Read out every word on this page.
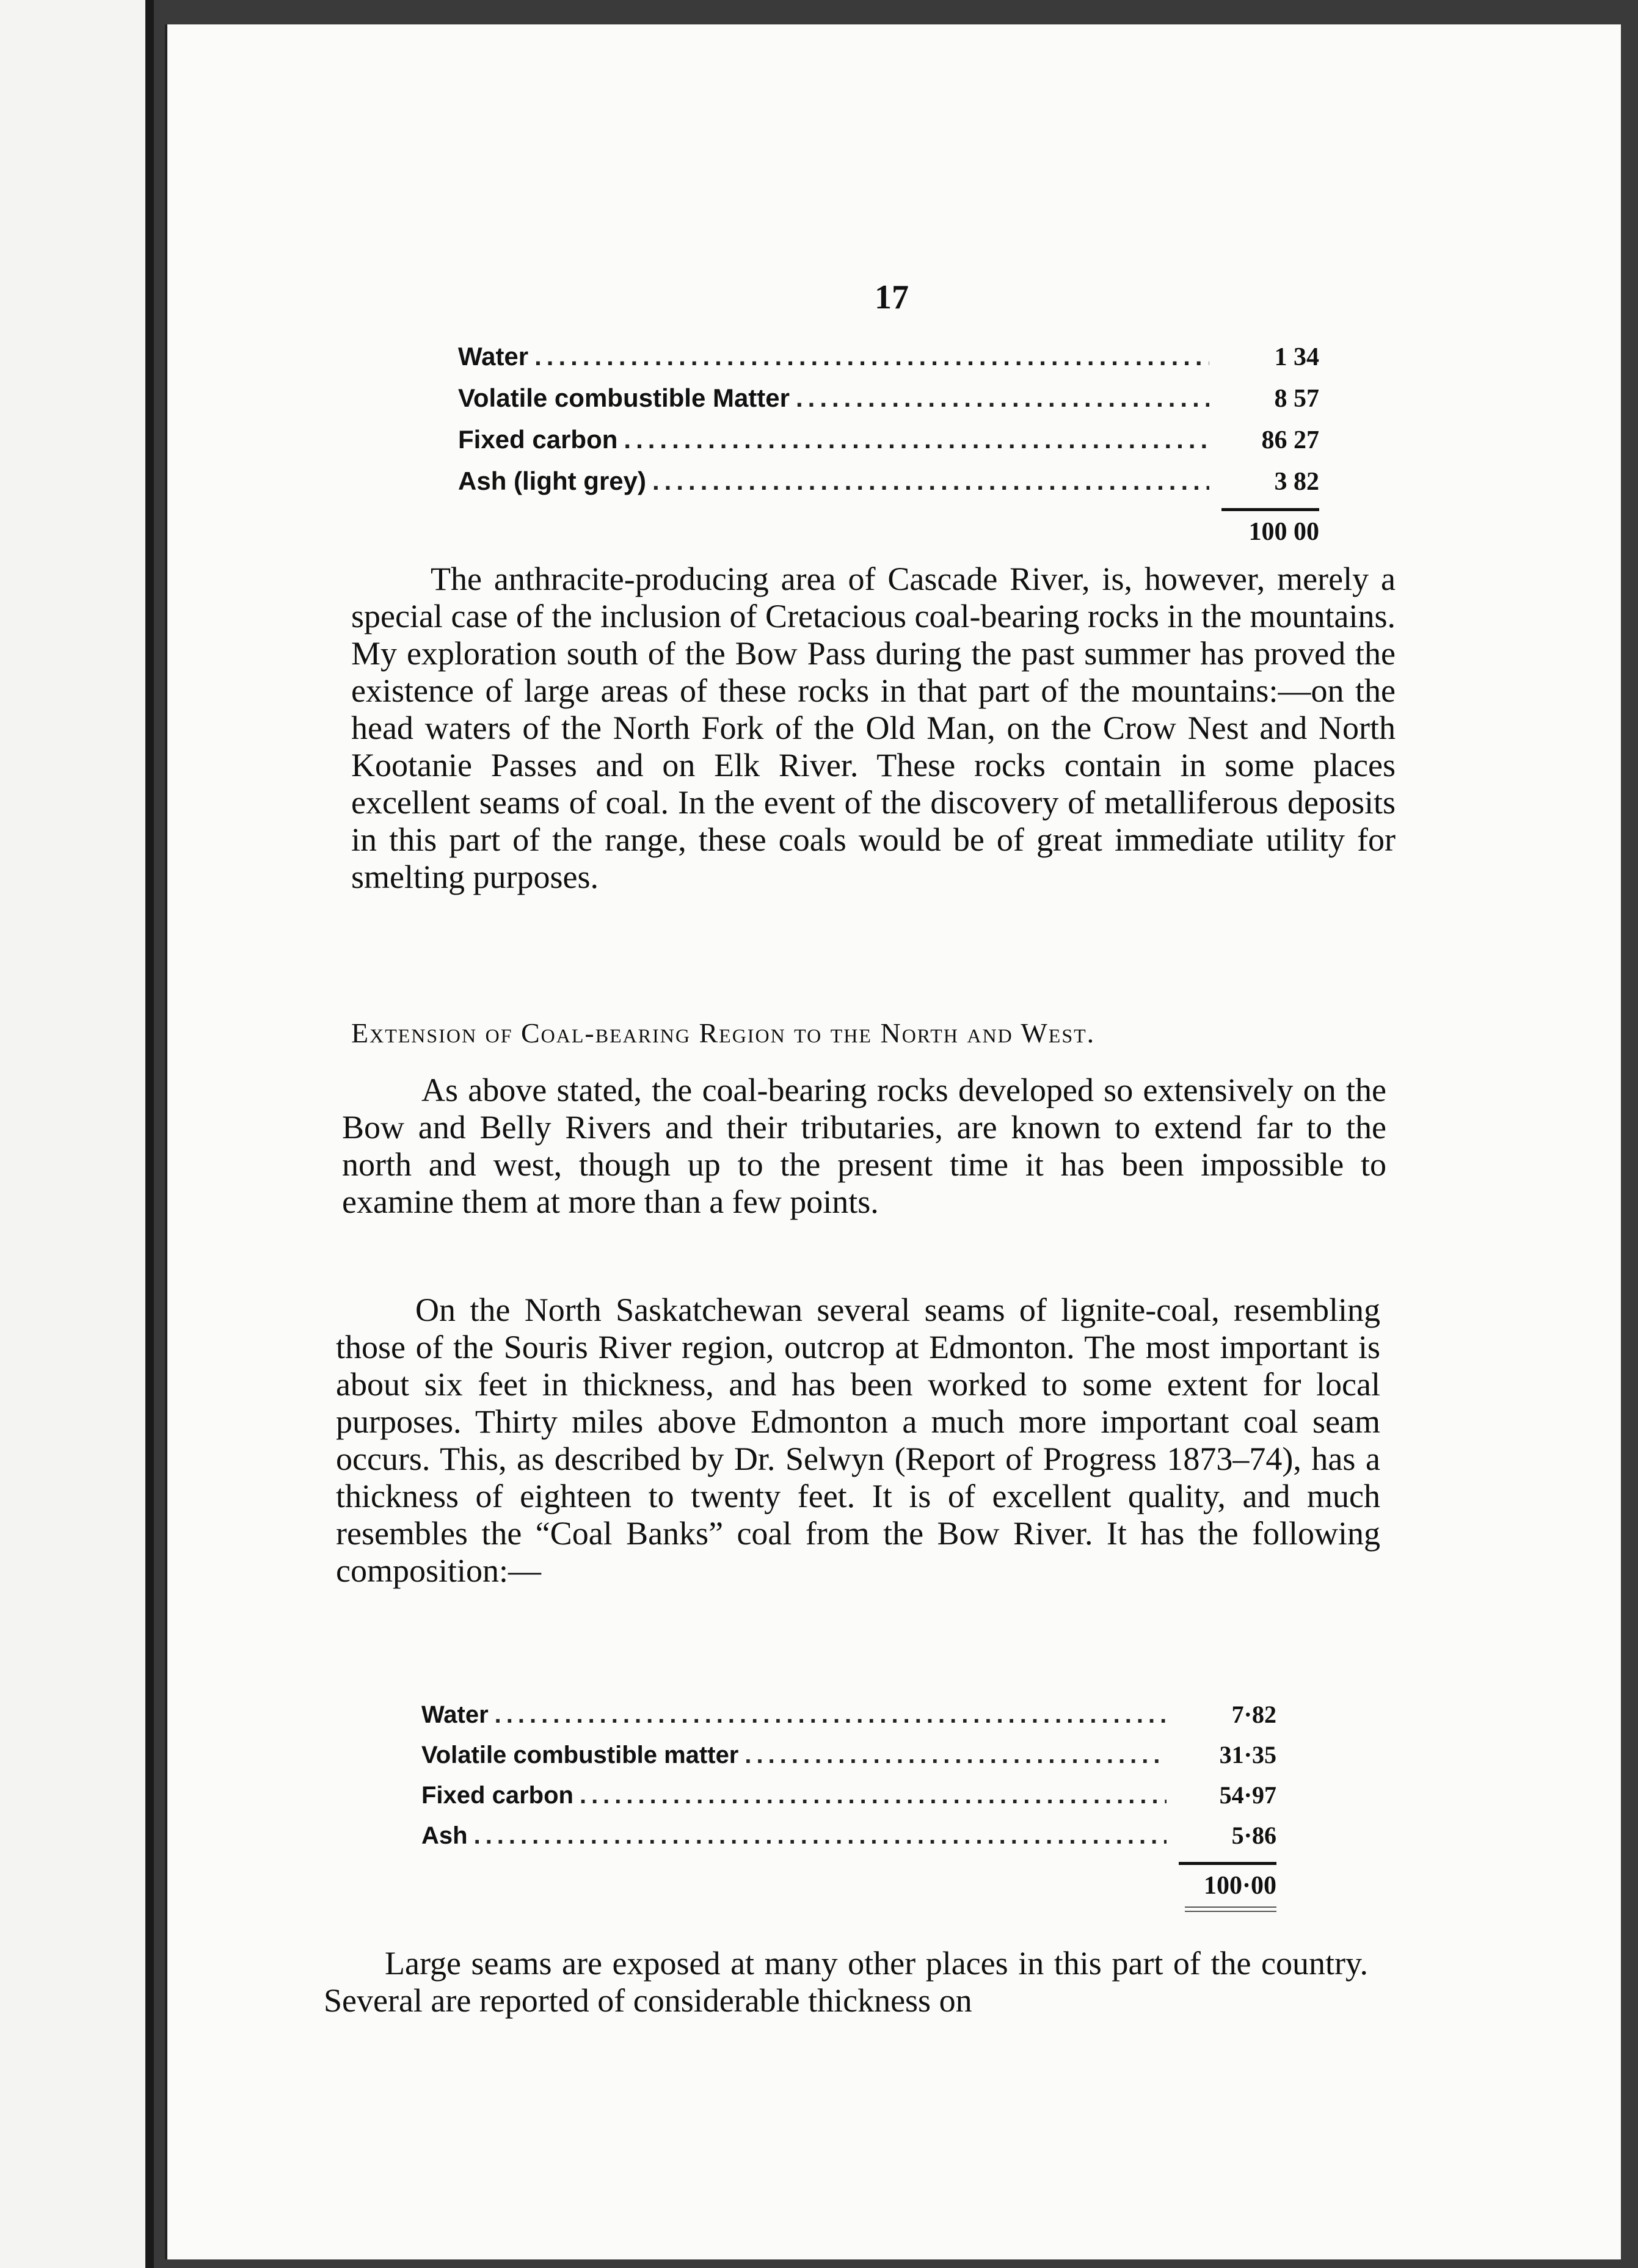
17
Water .....	1 34
Volatile combustible Matter .....	8 57
Fixed carbon .....	86 27
Ash (light grey) .....	3 82
100 00

The anthracite-producing area of Cascade River, is, however, merely a special case of the inclusion of Cretacious coal-bearing rocks in the mountains. My exploration south of the Bow Pass during the past summer has proved the existence of large areas of these rocks in that part of the mountains:—on the head waters of the North Fork of the Old Man, on the Crow Nest and North Kootanie Passes and on Elk River. These rocks contain in some places excellent seams of coal. In the event of the discovery of metalliferous deposits in this part of the range, these coals would be of great immediate utility for smelting purposes.

Extension of Coal-bearing Region to the North and West.

As above stated, the coal-bearing rocks developed so extensively on the Bow and Belly Rivers and their tributaries, are known to extend far to the north and west, though up to the present time it has been impossible to examine them at more than a few points.

On the North Saskatchewan several seams of lignite-coal, resembling those of the Souris River region, outcrop at Edmonton. The most important is about six feet in thickness, and has been worked to some extent for local purposes. Thirty miles above Edmonton a much more important coal seam occurs. This, as described by Dr. Selwyn (Report of Progress 1873–74), has a thickness of eighteen to twenty feet. It is of excellent quality, and much resembles the “Coal Banks” coal from the Bow River. It has the following composition:—

Water .....	7·82
Volatile combustible matter .....	31·35
Fixed carbon .....	54·97
Ash .....	5·86
100·00

Large seams are exposed at many other places in this part of the country. Several are reported of considerable thickness on
